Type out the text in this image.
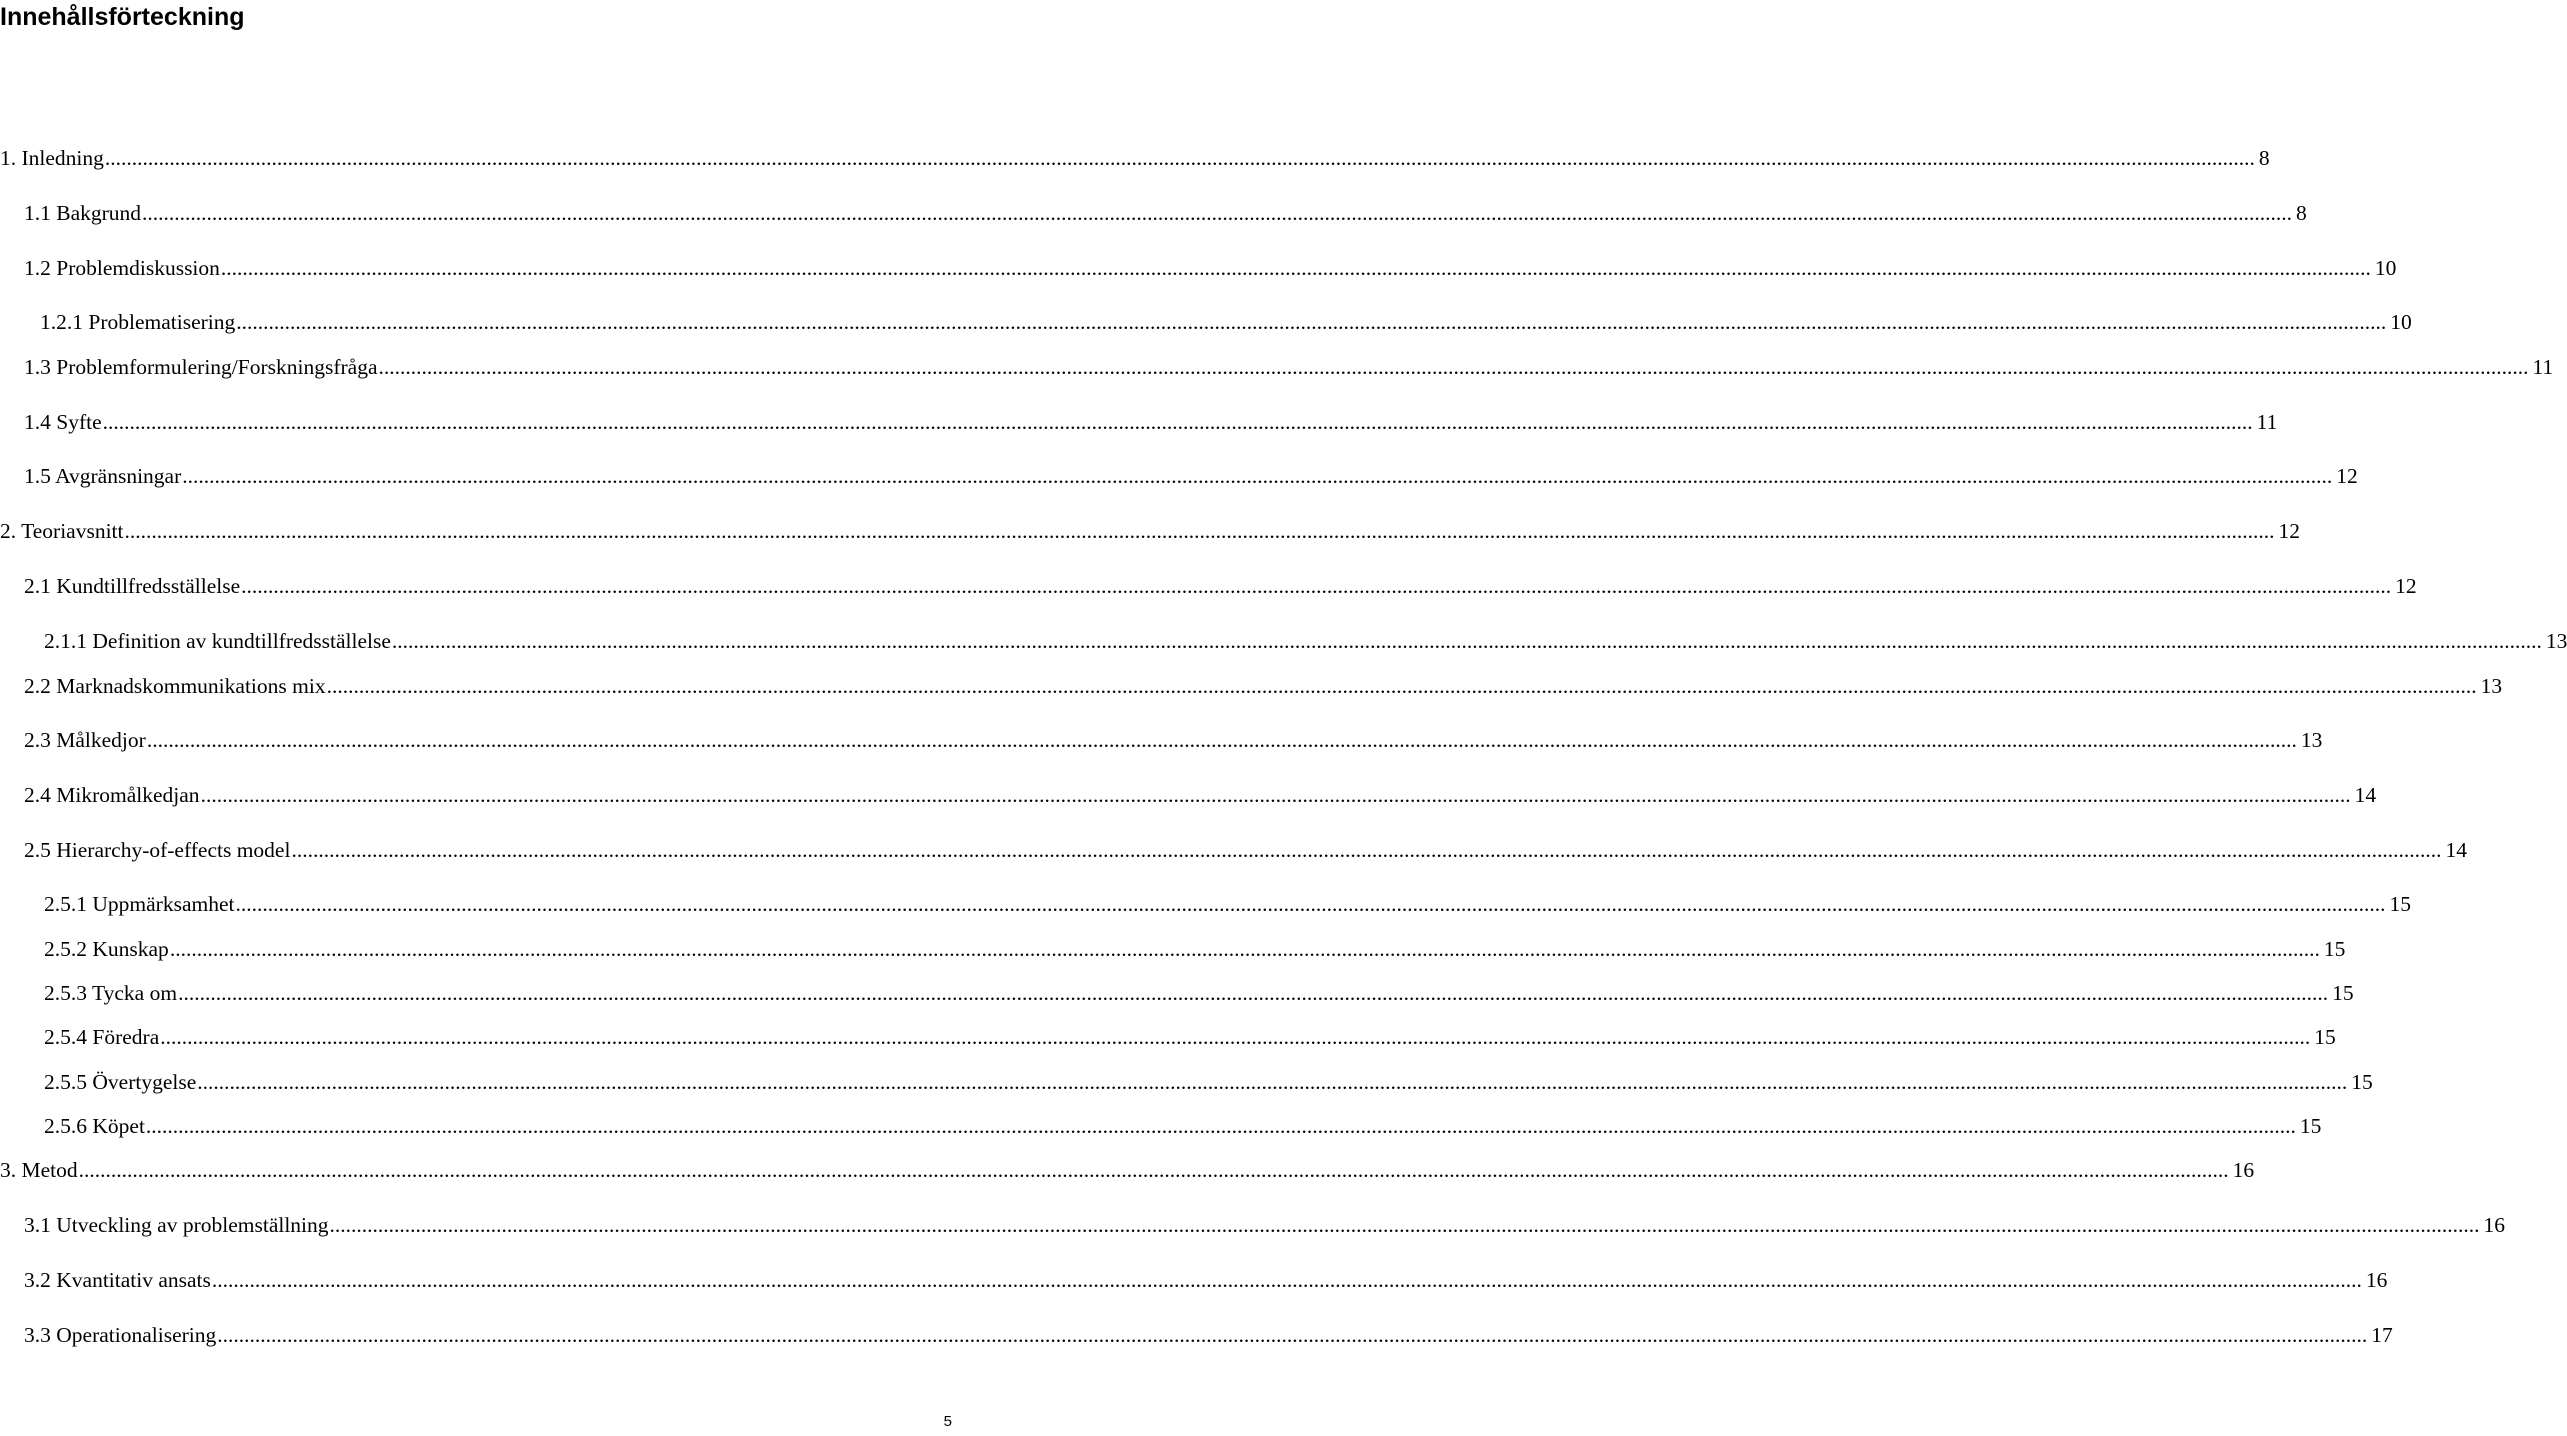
Innehållsförteckning
1. Inledning ................................................................................................................................................................................................................................................................................................................................................................................................................ 8
1.1 Bakgrund ................................................................................................................................................................................................................................................................................................................................................................................................................ 8
1.2 Problemdiskussion ................................................................................................................................................................................................................................................................................................................................................................................................................ 10
1.2.1 Problematisering ................................................................................................................................................................................................................................................................................................................................................................................................................ 10
1.3 Problemformulering/Forskningsfråga ................................................................................................................................................................................................................................................................................................................................................................................................................ 11
1.4 Syfte ................................................................................................................................................................................................................................................................................................................................................................................................................ 11
1.5 Avgränsningar ................................................................................................................................................................................................................................................................................................................................................................................................................ 12
2. Teoriavsnitt ................................................................................................................................................................................................................................................................................................................................................................................................................ 12
2.1 Kundtillfredsställelse ................................................................................................................................................................................................................................................................................................................................................................................................................ 12
2.1.1 Definition av kundtillfredsställelse ................................................................................................................................................................................................................................................................................................................................................................................................................ 13
2.2 Marknadskommunikations mix ................................................................................................................................................................................................................................................................................................................................................................................................................ 13
2.3 Målkedjor ................................................................................................................................................................................................................................................................................................................................................................................................................ 13
2.4 Mikromålkedjan ................................................................................................................................................................................................................................................................................................................................................................................................................ 14
2.5 Hierarchy-of-effects model ................................................................................................................................................................................................................................................................................................................................................................................................................ 14
2.5.1 Uppmärksamhet ................................................................................................................................................................................................................................................................................................................................................................................................................ 15
2.5.2 Kunskap ................................................................................................................................................................................................................................................................................................................................................................................................................ 15
2.5.3 Tycka om ................................................................................................................................................................................................................................................................................................................................................................................................................ 15
2.5.4 Föredra ................................................................................................................................................................................................................................................................................................................................................................................................................ 15
2.5.5 Övertygelse ................................................................................................................................................................................................................................................................................................................................................................................................................ 15
2.5.6 Köpet ................................................................................................................................................................................................................................................................................................................................................................................................................ 15
3. Metod ................................................................................................................................................................................................................................................................................................................................................................................................................ 16
3.1 Utveckling av problemställning ................................................................................................................................................................................................................................................................................................................................................................................................................ 16
3.2 Kvantitativ ansats ................................................................................................................................................................................................................................................................................................................................................................................................................ 16
3.3 Operationalisering ................................................................................................................................................................................................................................................................................................................................................................................................................ 17
5
